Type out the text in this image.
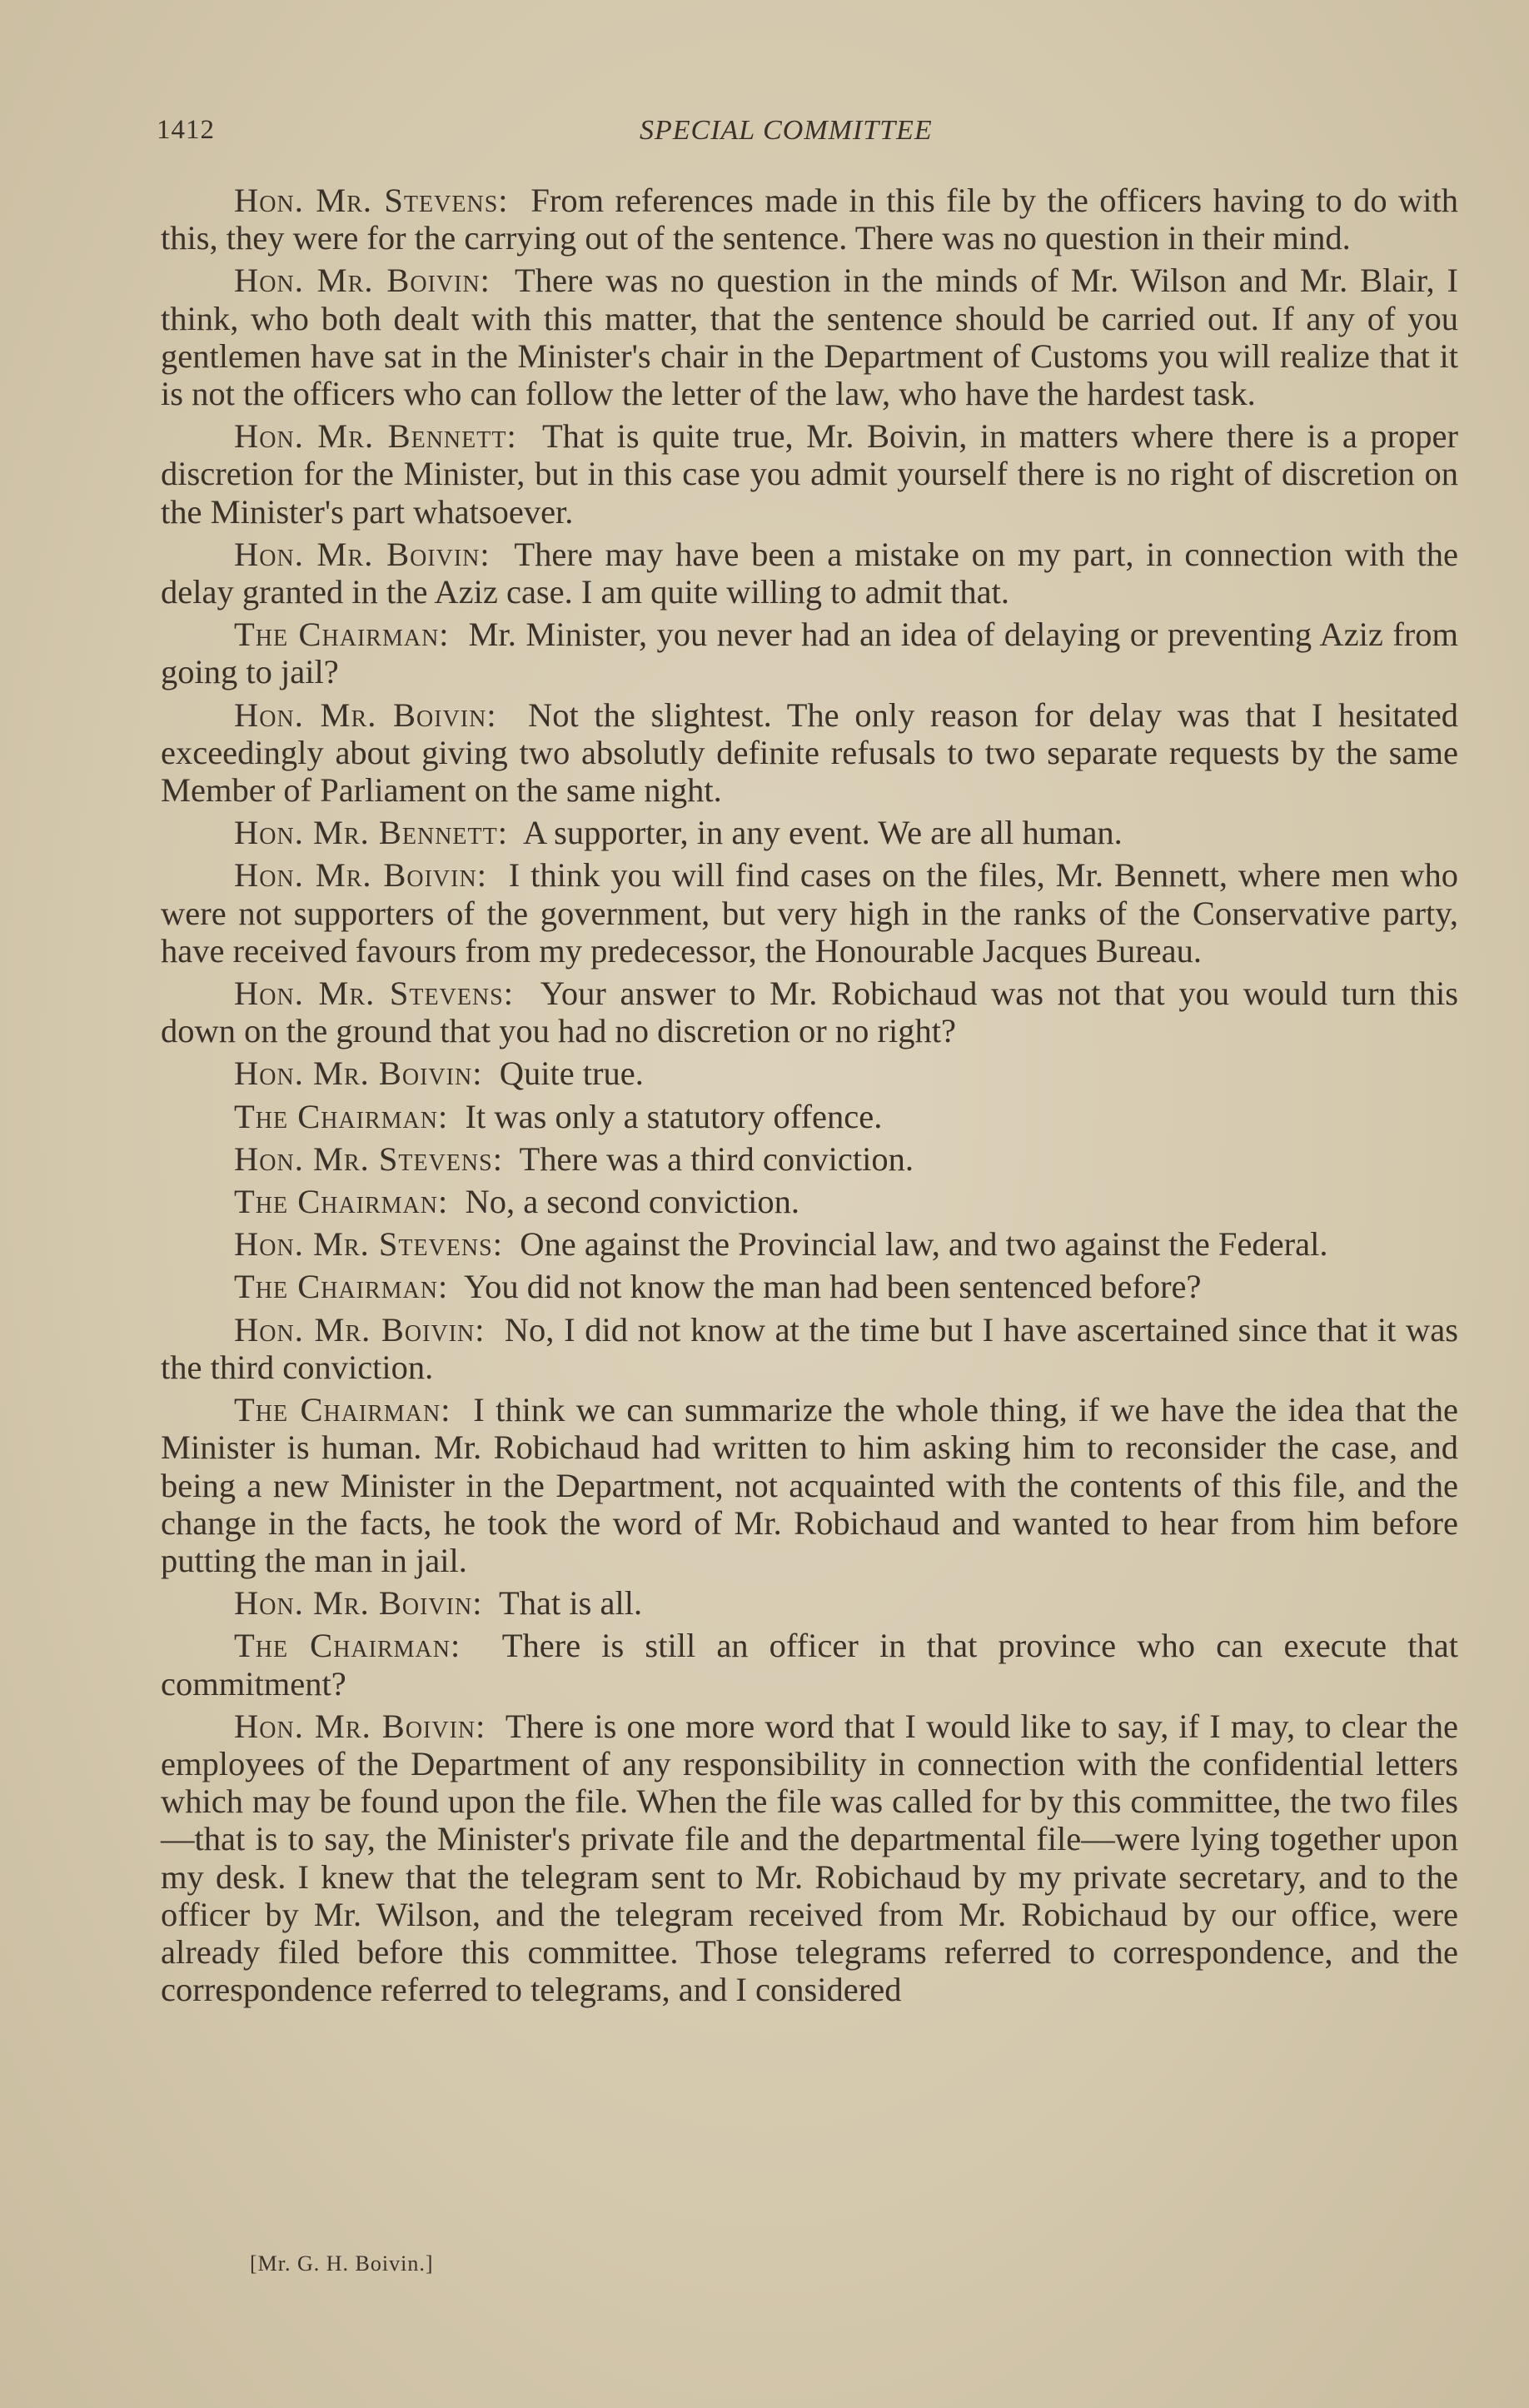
1412	SPECIAL COMMITTEE

Hon. Mr. Stevens: From references made in this file by the officers having to do with this, they were for the carrying out of the sentence. There was no question in their mind.

Hon. Mr. Boivin: There was no question in the minds of Mr. Wilson and Mr. Blair, I think, who both dealt with this matter, that the sentence should be carried out. If any of you gentlemen have sat in the Minister's chair in the Department of Customs you will realize that it is not the officers who can follow the letter of the law, who have the hardest task.

Hon. Mr. Bennett: That is quite true, Mr. Boivin, in matters where there is a proper discretion for the Minister, but in this case you admit yourself there is no right of discretion on the Minister's part whatsoever.

Hon. Mr. Boivin: There may have been a mistake on my part, in connection with the delay granted in the Aziz case. I am quite willing to admit that.

The Chairman: Mr. Minister, you never had an idea of delaying or preventing Aziz from going to jail?

Hon. Mr. Boivin: Not the slightest. The only reason for delay was that I hesitated exceedingly about giving two absolutly definite refusals to two separate requests by the same Member of Parliament on the same night.

Hon. Mr. Bennett: A supporter, in any event. We are all human.

Hon. Mr. Boivin: I think you will find cases on the files, Mr. Bennett, where men who were not supporters of the government, but very high in the ranks of the Conservative party, have received favours from my predecessor, the Honourable Jacques Bureau.

Hon. Mr. Stevens: Your answer to Mr. Robichaud was not that you would turn this down on the ground that you had no discretion or no right?

Hon. Mr. Boivin: Quite true.

The Chairman: It was only a statutory offence.

Hon. Mr. Stevens: There was a third conviction.

The Chairman: No, a second conviction.

Hon. Mr. Stevens: One against the Provincial law, and two against the Federal.

The Chairman: You did not know the man had been sentenced before?

Hon. Mr. Boivin: No, I did not know at the time but I have ascertained since that it was the third conviction.

The Chairman: I think we can summarize the whole thing, if we have the idea that the Minister is human. Mr. Robichaud had written to him asking him to reconsider the case, and being a new Minister in the Department, not acquainted with the contents of this file, and the change in the facts, he took the word of Mr. Robichaud and wanted to hear from him before putting the man in jail.

Hon. Mr. Boivin: That is all.

The Chairman: There is still an officer in that province who can execute that commitment?

Hon. Mr. Boivin: There is one more word that I would like to say, if I may, to clear the employees of the Department of any responsibility in connection with the confidential letters which may be found upon the file. When the file was called for by this committee, the two files—that is to say, the Minister's private file and the departmental file—were lying together upon my desk. I knew that the telegram sent to Mr. Robichaud by my private secretary, and to the officer by Mr. Wilson, and the telegram received from Mr. Robichaud by our office, were already filed before this committee. Those telegrams referred to correspondence, and the correspondence referred to telegrams, and I considered

[Mr. G. H. Boivin.]
